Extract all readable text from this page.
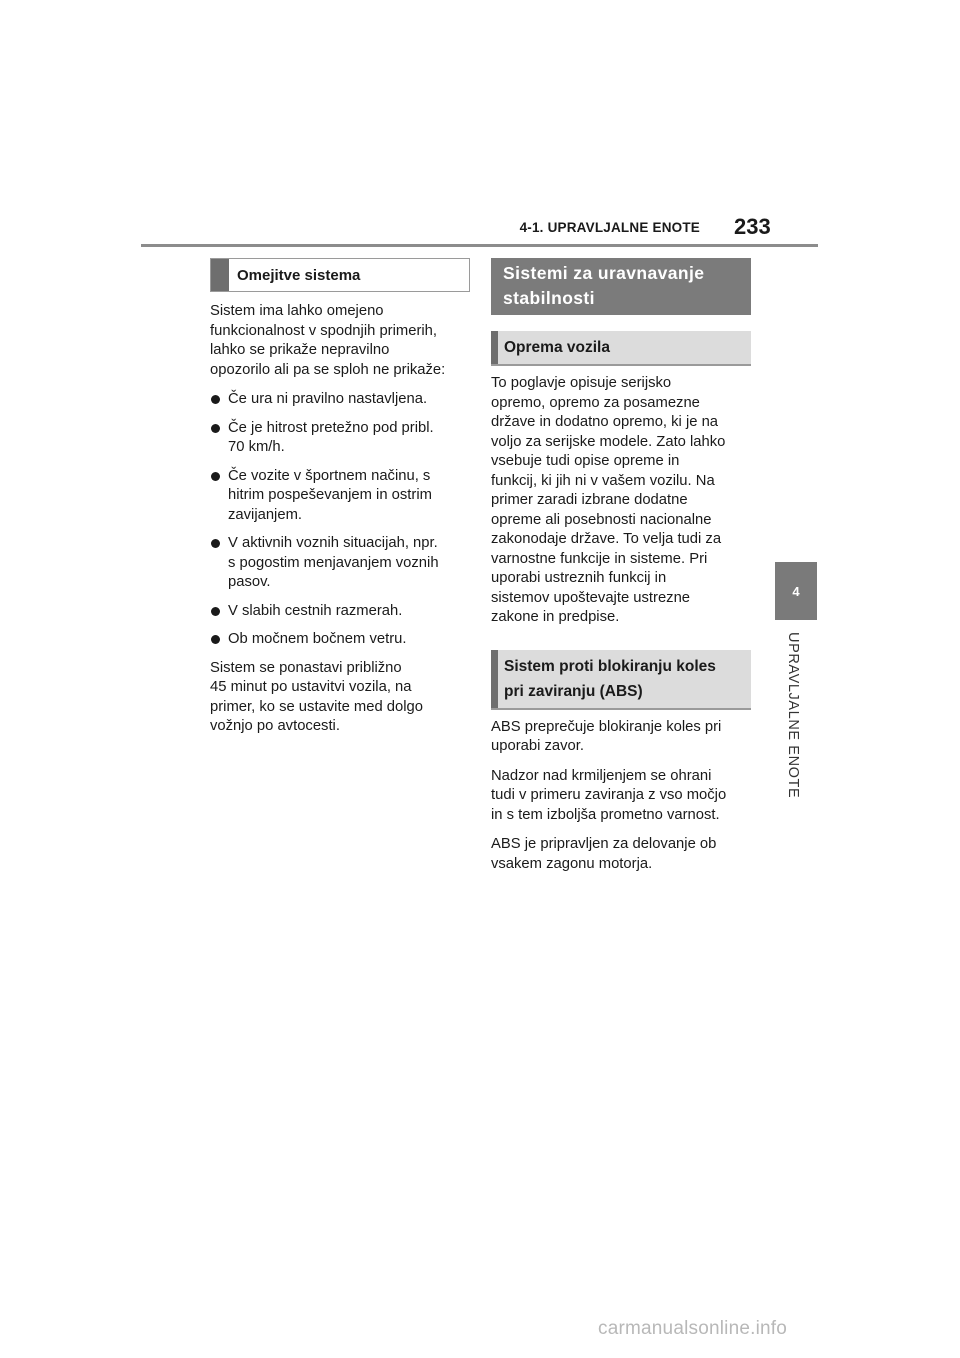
4-1. UPRAVLJALNE ENOTE 233
4
UPRAVLJALNE ENOTE
Omejitve sistema

Sistem ima lahko omejeno
funkcionalnost v spodnjih primerih,
lahko se prikaže nepravilno
opozorilo ali pa se sploh ne prikaže:

Če ura ni pravilno nastavljena.
Če je hitrost pretežno pod pribl.
70 km/h.
Če vozite v športnem načinu, s
hitrim pospeševanjem in ostrim
zavijanjem.
V aktivnih voznih situacijah, npr.
s pogostim menjavanjem voznih
pasov.
V slabih cestnih razmerah.
Ob močnem bočnem vetru.

Sistem se ponastavi približno
45 minut po ustavitvi vozila, na
primer, ko se ustavite med dolgo
vožnjo po avtocesti.

Sistemi za uravnavanje
stabilnosti
Oprema vozila

To poglavje opisuje serijsko
opremo, opremo za posamezne
države in dodatno opremo, ki je na
voljo za serijske modele. Zato lahko
vsebuje tudi opise opreme in
funkcij, ki jih ni v vašem vozilu. Na
primer zaradi izbrane dodatne
opreme ali posebnosti nacionalne
zakonodaje države. To velja tudi za
varnostne funkcije in sisteme. Pri
uporabi ustreznih funkcij in
sistemov upoštevajte ustrezne
zakone in predpise.

Sistem proti blokiranju koles
pri zaviranju (ABS)

ABS preprečuje blokiranje koles pri
uporabi zavor.

Nadzor nad krmiljenjem se ohrani
tudi v primeru zaviranja z vso močjo
in s tem izboljša prometno varnost.

ABS je pripravljen za delovanje ob
vsakem zagonu motorja.

carmanualsonline.info
